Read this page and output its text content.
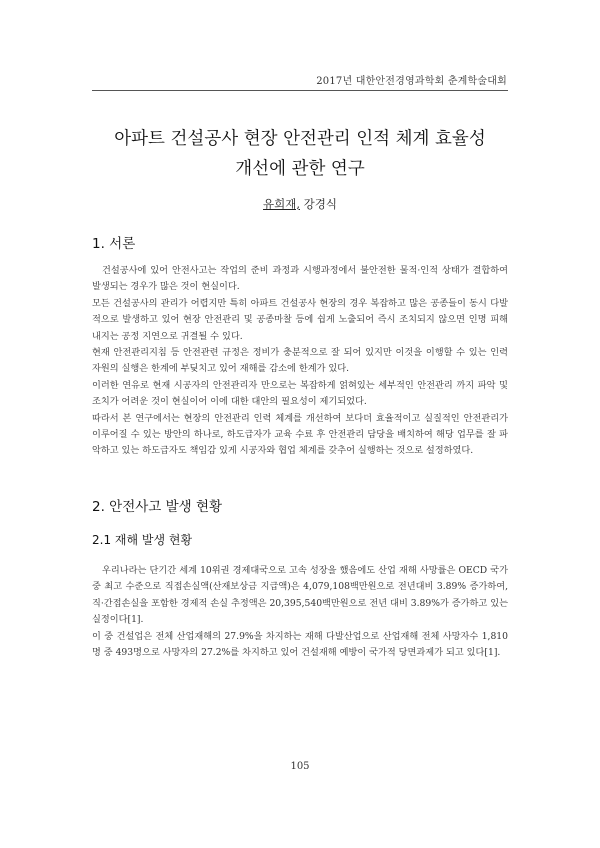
2017년 대한안전경영과학회 춘계학술대회
아파트 건설공사 현장 안전관리 인적 체계 효율성
개선에 관한 연구
유희재, 강경식
1. 서론

건설공사에 있어 안전사고는 작업의 준비 과정과 시행과정에서 불안전한 물적·인적 상태가 결합하여 발생되는 경우가 많은 것이 현실이다.

모든 건설공사의 관리가 어렵지만 특히 아파트 건설공사 현장의 경우 복잡하고 많은 공종들이 동시 다발적으로 발생하고 있어 현장 안전관리 및 공종마찰 등에 쉽게 노출되어 즉시 조치되지 않으면 인명 피해 내지는 공정 지연으로 귀결될 수 있다.

현재 안전관리지침 등 안전관련 규정은 정비가 충분적으로 잘 되어 있지만 이것을 이행할 수 있는 인력 자원의 실행은 한계에 부딪치고 있어 재해를 감소에 한계가 있다.

이러한 연유로 현재 시공자의 안전관리자 만으로는 복잡하게 얽혀있는 세부적인 안전관리 까지 파악 및 조치가 어려운 것이 현실이어 이에 대한 대안의 필요성이 제기되었다.

따라서 본 연구에서는 현장의 안전관리 인력 체계를 개선하여 보다더 효율적이고 실질적인 안전관리가 이루어질 수 있는 방안의 하나로, 하도급자가 교육 수료 후 안전관리 담당을 배치하여 해당 업무를 잘 파악하고 있는 하도급자도 책임감 있게 시공자와 협업 체계를 갖추어 실행하는 것으로 설정하였다.

2. 안전사고 발생 현황
2.1 재해 발생 현황

우리나라는 단기간 세계 10위권 경제대국으로 고속 성장을 했음에도 산업 재해 사망률은 OECD 국가 중 최고 수준으로 직접손실액(산재보상금 지급액)은 4,079,108백만원으로 전년대비 3.89% 증가하여, 직·간접손실을 포함한 경제적 손실 추정액은 20,395,540백만원으로 전년 대비 3.89%가 증가하고 있는 실정이다[1].

이 중 건설업은 전체 산업재해의 27.9%을 차지하는 재해 다발산업으로 산업재해 전체 사망자수 1,810명 중 493명으로 사망자의 27.2%를 차지하고 있어 건설재해 예방이 국가적 당면과제가 되고 있다[1].

105
